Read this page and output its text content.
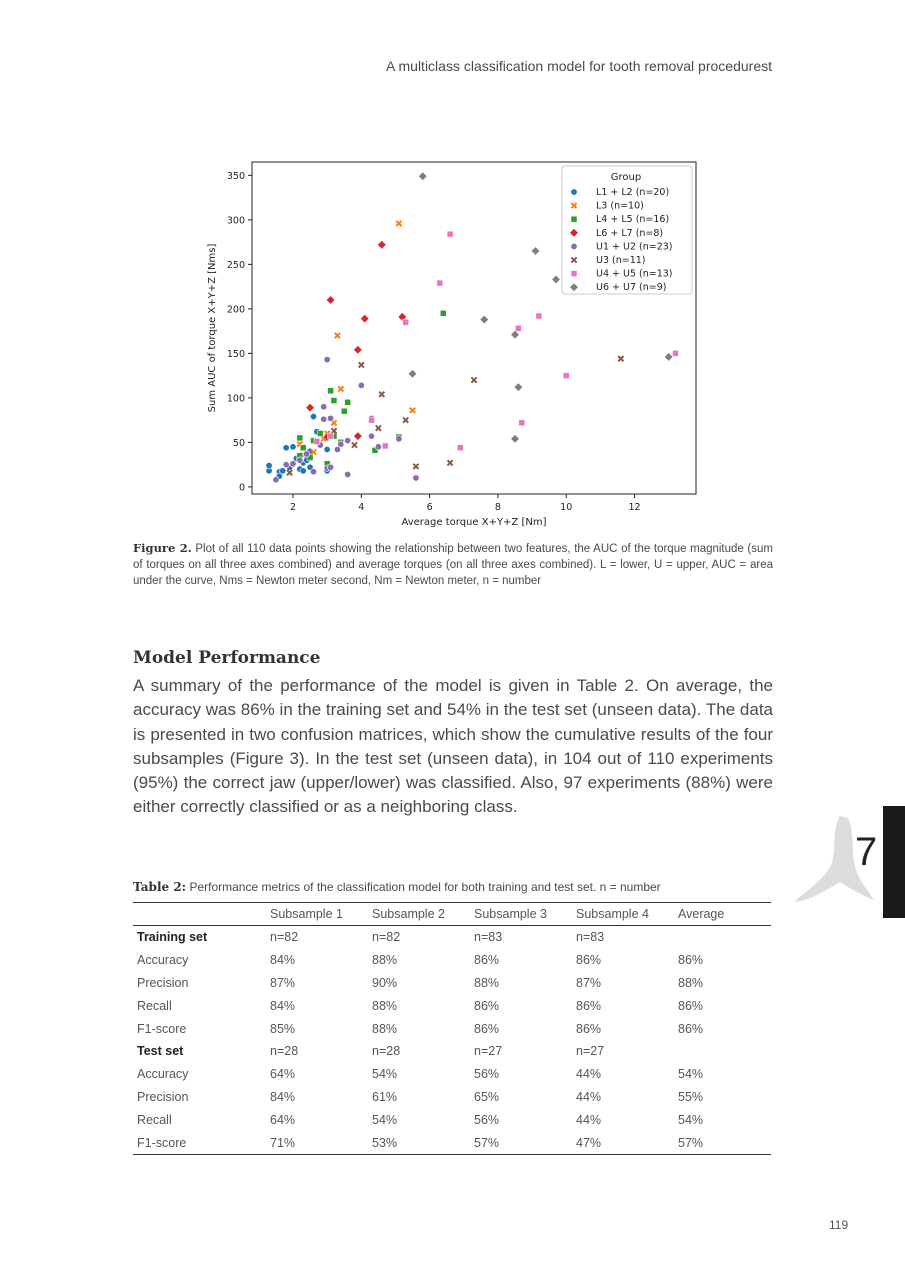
A multiclass classification model for tooth removal procedurest
2	4	6	8	10	12
0
50
100
150
200
250
300
350
Average torque X+Y+Z [Nm]
Sum AUC of torque X+Y+Z [Nms]
Group
L1 + L2 (n=20)
L3 (n=10)
L4 + L5 (n=16)
L6 + L7 (n=8)
U1 + U2 (n=23)
U3 (n=11)
U4 + U5 (n=13)
U6 + U7 (n=9)
Figure 2. Plot of all 110 data points showing the relationship between two features, the AUC of the torque magnitude (sum of torques on all three axes combined) and average torques (on all three axes combined). L = lower, U = upper, AUC = area under the curve, Nms = Newton meter second, Nm = Newton meter, n = number
Model Performance
A summary of the performance of the model is given in Table 2. On average, the accuracy was 86% in the training set and 54% in the test set (unseen data). The data is presented in two confusion matrices, which show the cumulative results of the four subsamples (Figure 3). In the test set (unseen data), in 104 out of 110 experiments (95%) the correct jaw (upper/lower) was classified. Also, 97 experiments (88%) were either correctly classified or as a neighboring class.
Table 2: Performance metrics of the classification model for both training and test set. n = number
	Subsample 1	Subsample 2	Subsample 3	Subsample 4	Average
Training set	n=82	n=82	n=83	n=83	
Accuracy	84%	88%	86%	86%	86%
Precision	87%	90%	88%	87%	88%
Recall	84%	88%	86%	86%	86%
F1-score	85%	88%	86%	86%	86%
Test set	n=28	n=28	n=27	n=27	
Accuracy	64%	54%	56%	44%	54%
Precision	84%	61%	65%	44%	55%
Recall	64%	54%	56%	44%	54%
F1-score	71%	53%	57%	47%	57%
7
119
